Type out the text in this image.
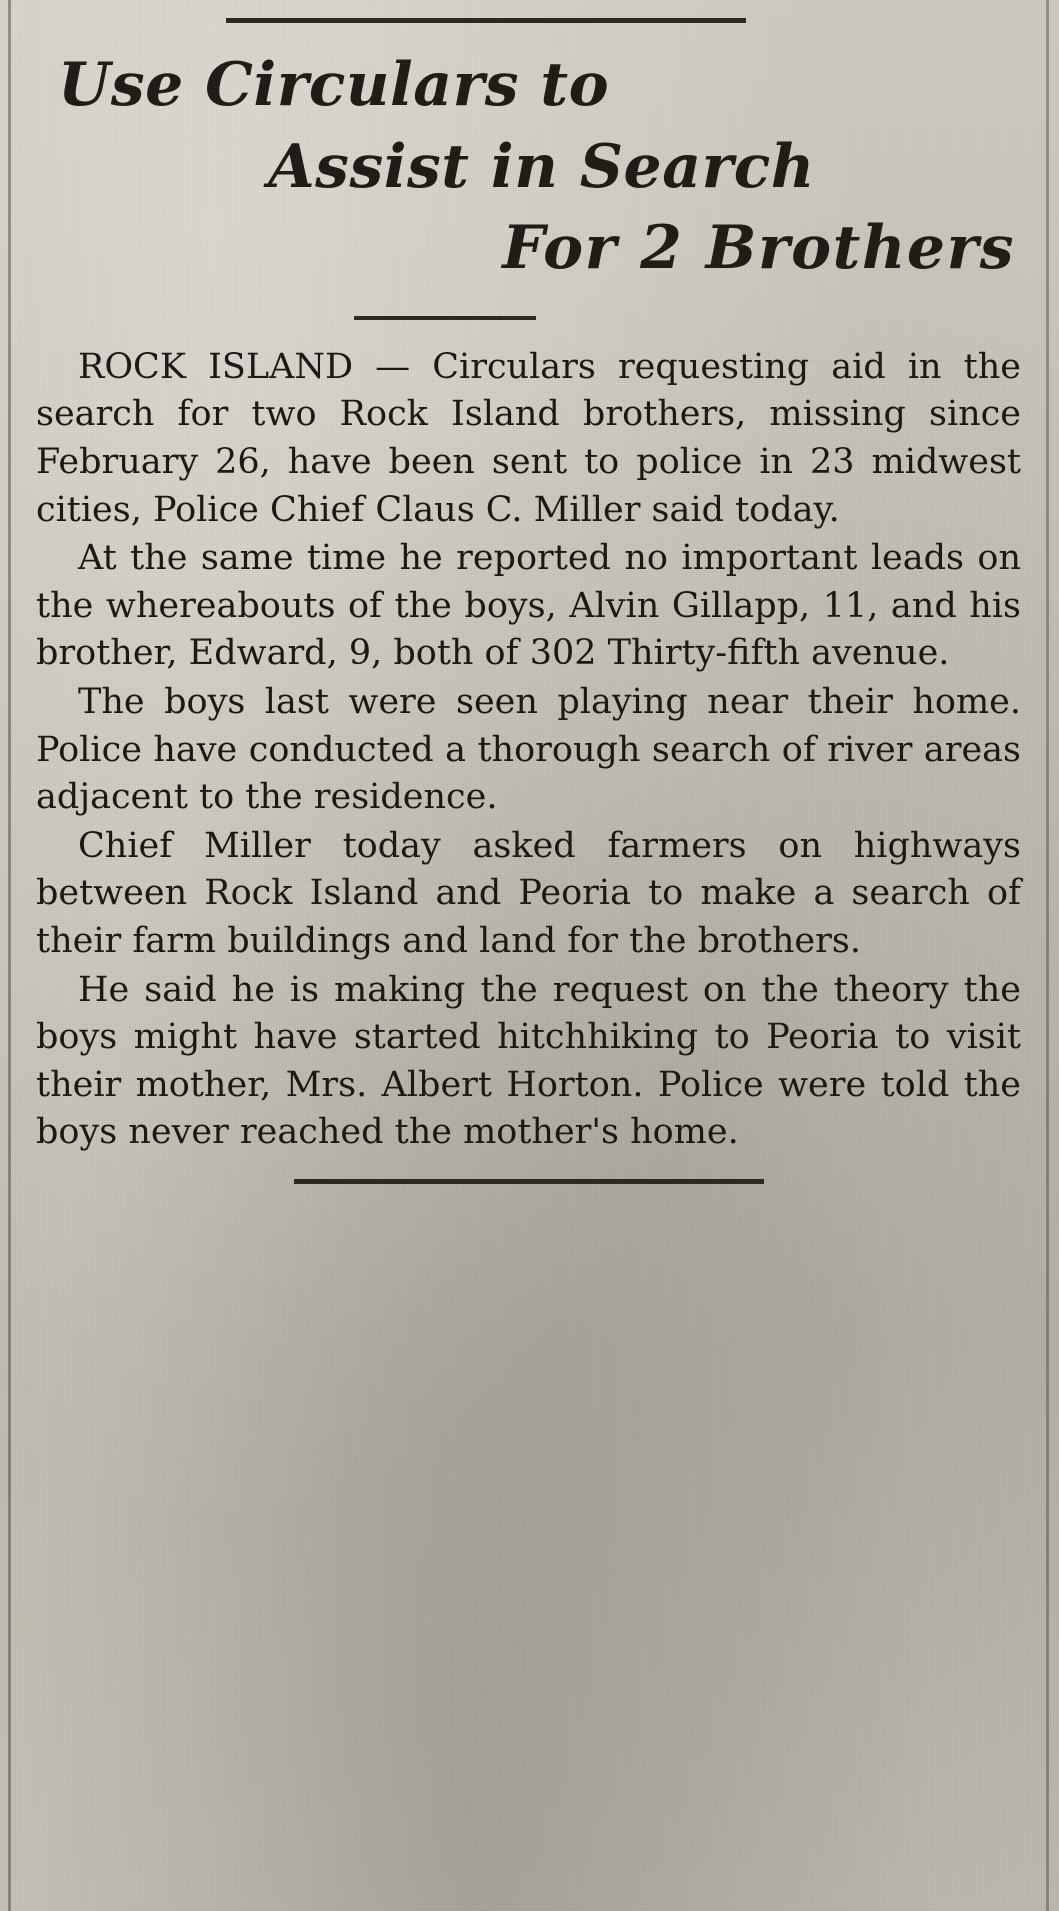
Use Circulars to
Assist in Search
For 2 Brothers

ROCK ISLAND — Circulars requesting aid in the search for two Rock Island brothers, missing since February 26, have been sent to police in 23 midwest cities, Police Chief Claus C. Miller said today.

At the same time he reported no important leads on the whereabouts of the boys, Alvin Gillapp, 11, and his brother, Edward, 9, both of 302 Thirty-fifth avenue.

The boys last were seen playing near their home. Police have conducted a thorough search of river areas adjacent to the residence.

Chief Miller today asked farmers on highways between Rock Island and Peoria to make a search of their farm buildings and land for the brothers.

He said he is making the request on the theory the boys might have started hitchhiking to Peoria to visit their mother, Mrs. Albert Horton. Police were told the boys never reached the mother's home.
